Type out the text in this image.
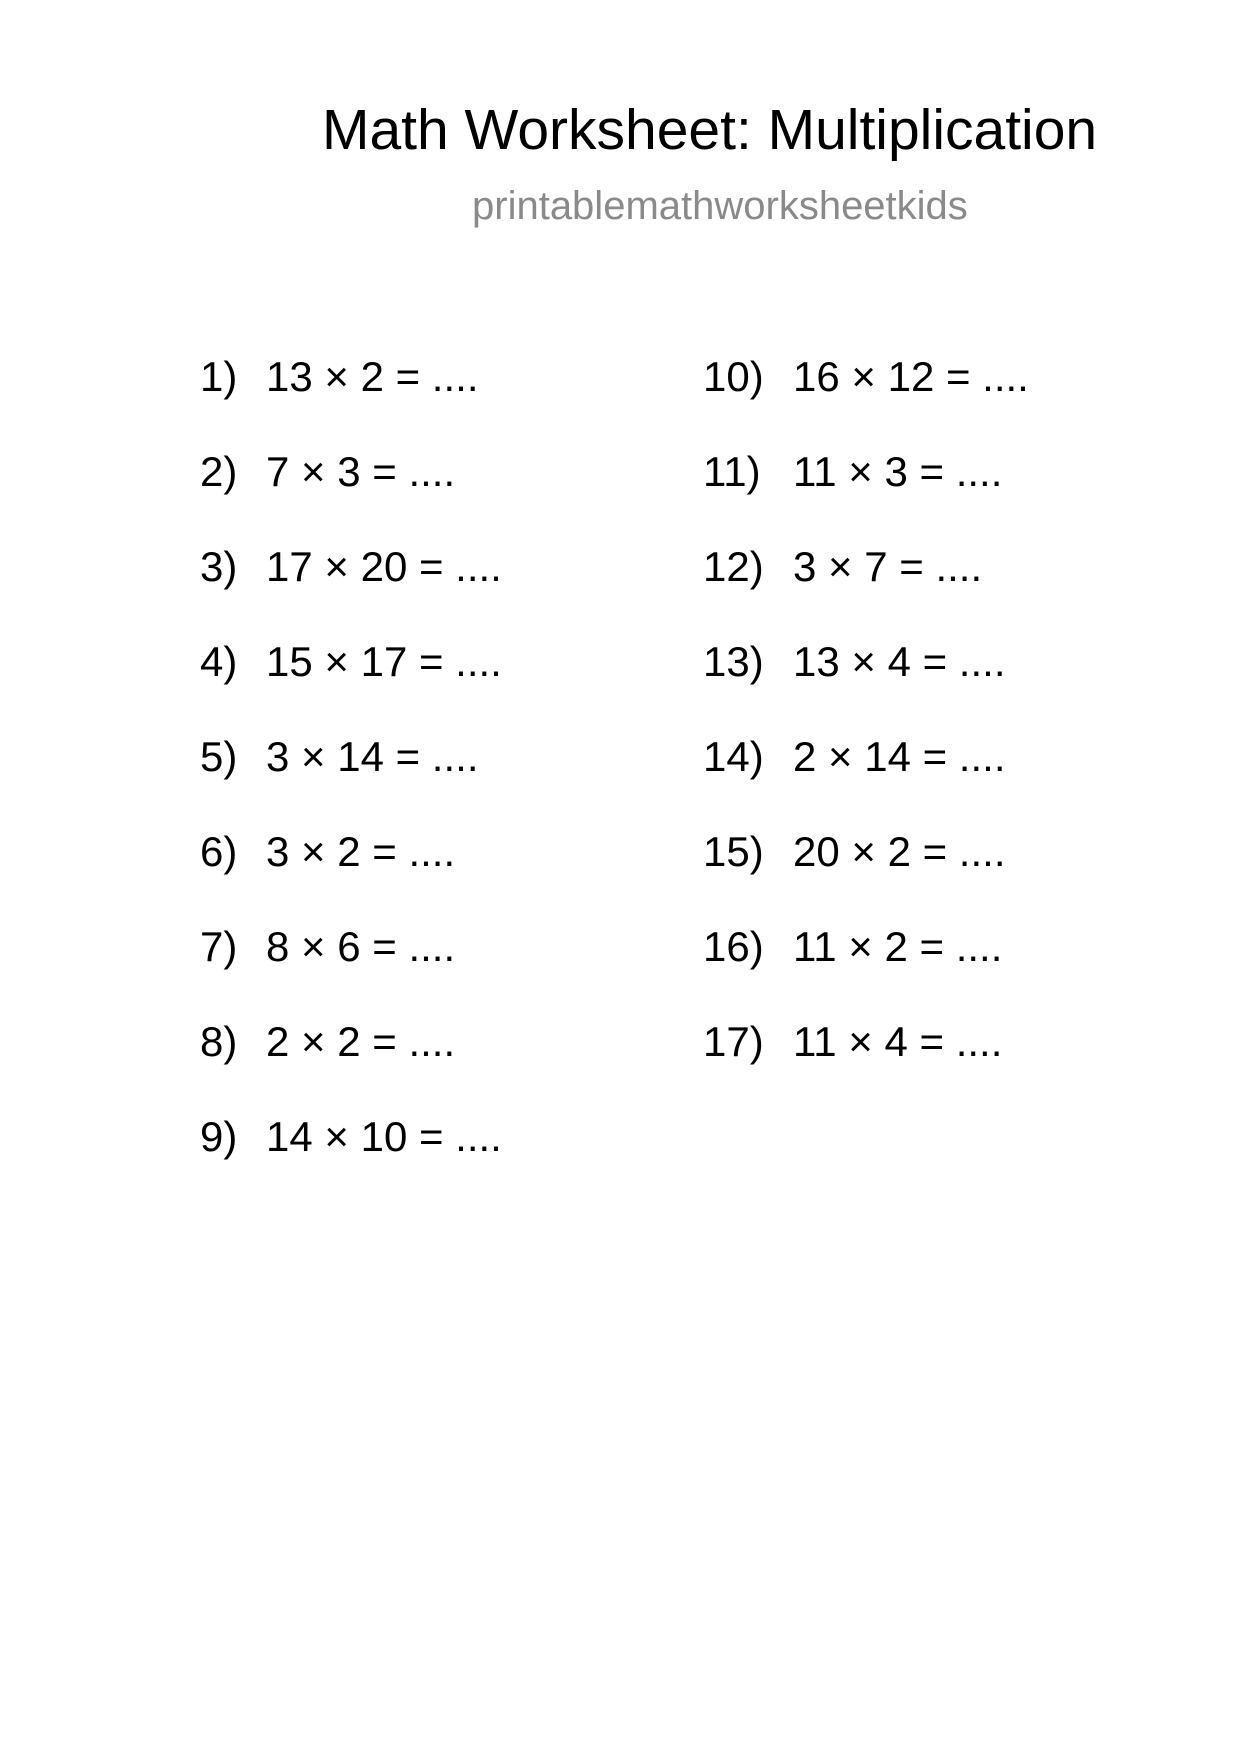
Math Worksheet: Multiplication
printablemathworksheetkids
1) 13 × 2 = ....
2) 7 × 3 = ....
3) 17 × 20 = ....
4) 15 × 17 = ....
5) 3 × 14 = ....
6) 3 × 2 = ....
7) 8 × 6 = ....
8) 2 × 2 = ....
9) 14 × 10 = ....
10) 16 × 12 = ....
11) 11 × 3 = ....
12) 3 × 7 = ....
13) 13 × 4 = ....
14) 2 × 14 = ....
15) 20 × 2 = ....
16) 11 × 2 = ....
17) 11 × 4 = ....
